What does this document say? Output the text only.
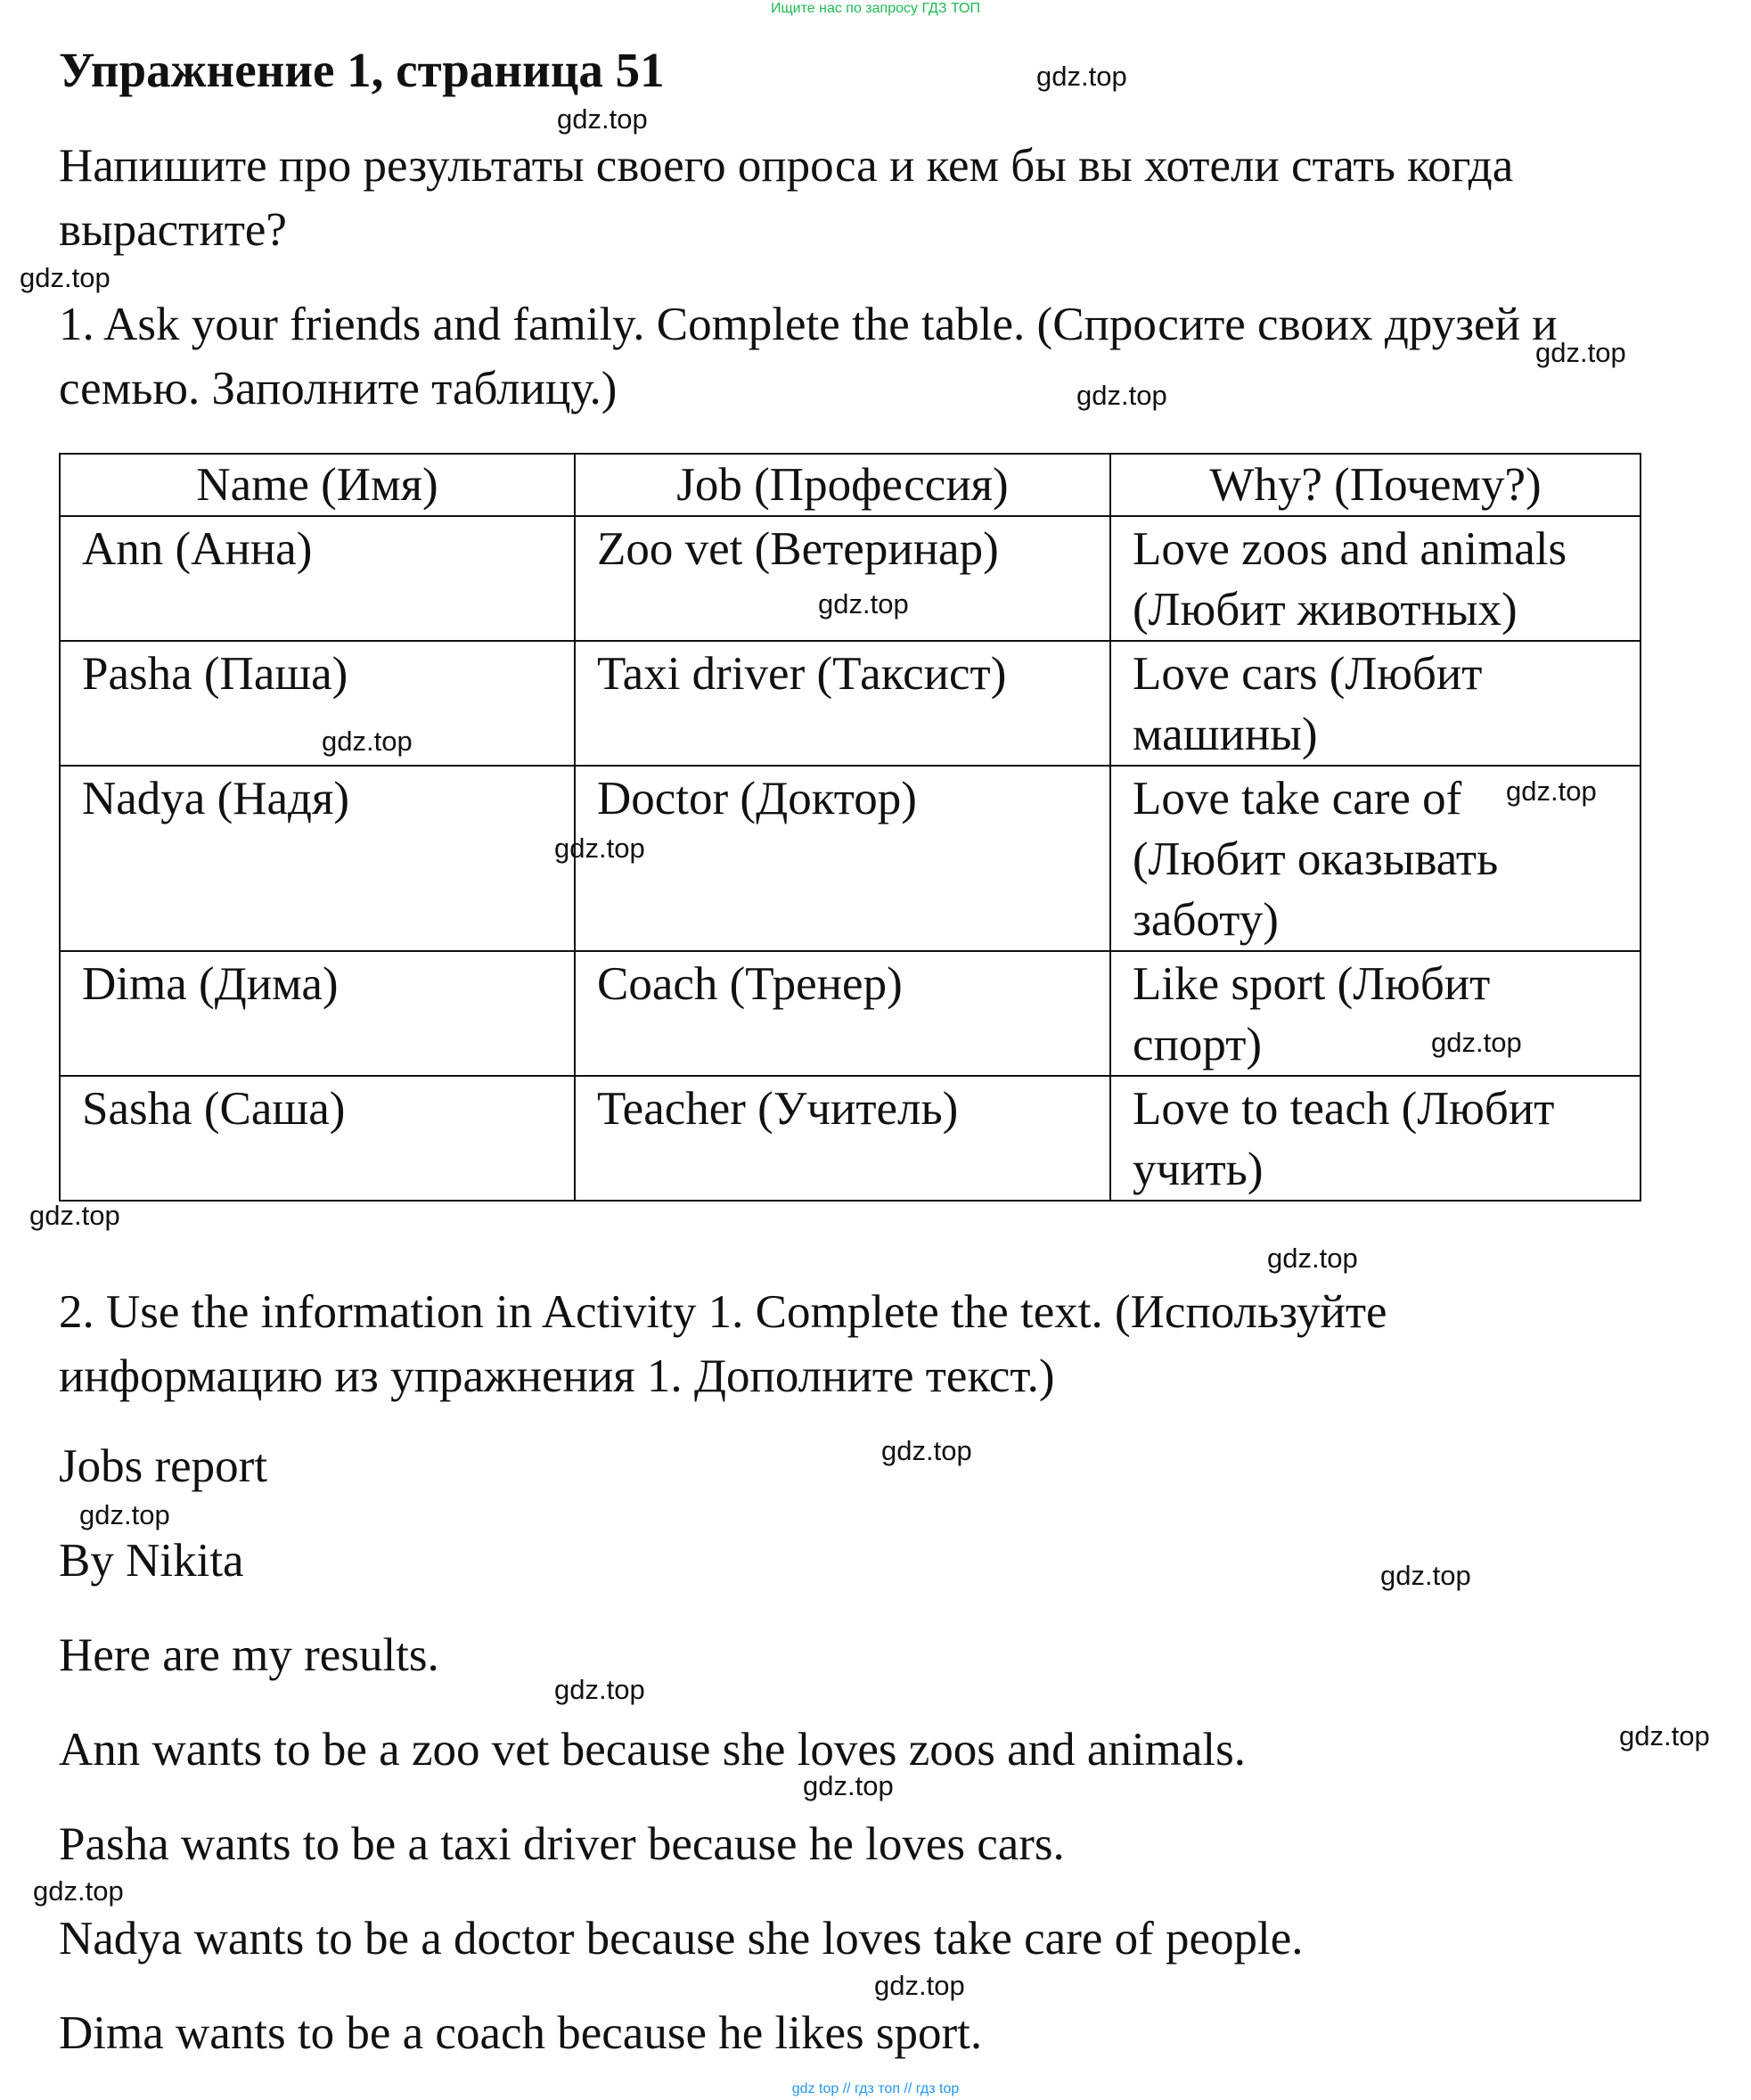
Ищите нас по запросу ГДЗ ТОП
Упражнение 1, страница 51
Напишите про результаты своего опроса и кем бы вы хотели стать когда вырастите?
1. Ask your friends and family. Complete the table. (Спросите своих друзей и семью. Заполните таблицу.)
Name (Имя)	Job (Профессия)	Why? (Почему?)
Ann (Анна)	Zoo vet (Ветеринар)	Love zoos and animals (Любит животных)
Pasha (Паша)	Taxi driver (Таксист)	Love cars (Любит машины)
Nadya (Надя)	Doctor (Доктор)	Love take care of (Любит оказывать заботу)
Dima (Дима)	Coach (Тренер)	Like sport (Любит спорт)
Sasha (Саша)	Teacher (Учитель)	Love to teach (Любит учить)
2. Use the information in Activity 1. Complete the text. (Используйте информацию из упражнения 1. Дополните текст.)
Jobs report
By Nikita
Here are my results.
Ann wants to be a zoo vet because she loves zoos and animals.
Pasha wants to be a taxi driver because he loves cars.
Nadya wants to be a doctor because she loves take care of people.
Dima wants to be a coach because he likes sport.
gdz.top
gdz.top
gdz.top
gdz.top
gdz.top
gdz.top
gdz.top
gdz.top
gdz.top
gdz.top
gdz.top
gdz.top
gdz.top
gdz.top
gdz.top
gdz.top
gdz.top
gdz.top
gdz.top
gdz.top
gdz top // гдз топ // гдз top
